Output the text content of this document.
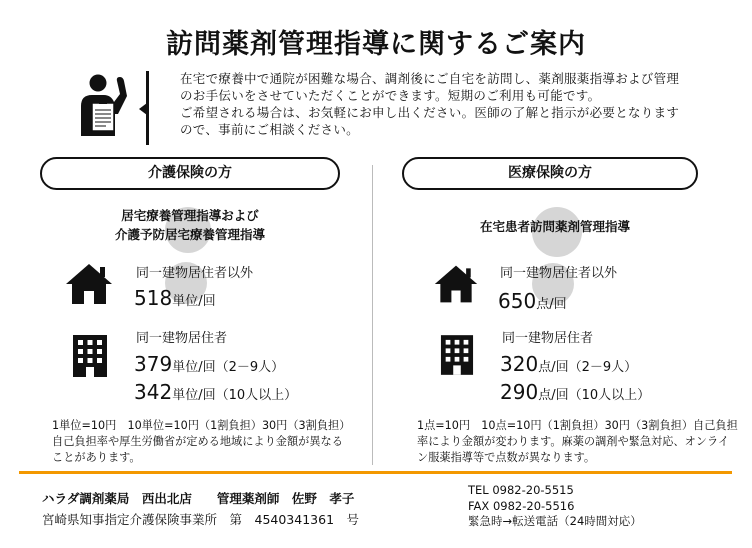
訪問薬剤管理指導に関するご案内

在宅で療養中で通院が困難な場合、調剤後にご自宅を訪問し、薬剤服薬指導および管理のお手伝いをさせていただくことができます。短期のご利用も可能です。

ご希望される場合は、お気軽にお申し出ください。医師の了解と指示が必要となりますので、事前にご相談ください。

介護保険の方	医療保険の方
居宅療養管理指導および
介護予防居宅療養管理指導
同一建物居住者以外
518単位/回
同一建物居住者
379単位/回（2－9人）
342単位/回（10人以上）
1単位=10円　10単位=10円（1割負担）30円（3割負担）自己負担率や厚生労働省が定める地域により金額が異なることがあります。
在宅患者訪問薬剤管理指導
同一建物居住者以外
650点/回
同一建物居住者
320点/回（2－9人）
290点/回（10人以上）
1点=10円　10点=10円（1割負担）30円（3割負担）自己負担率により金額が変わります。麻薬の調剤や緊急対応、オンライン服薬指導等で点数が異なります。
ハラダ調剤薬局　西出北店　　管理薬剤師　佐野　孝子
宮崎県知事指定介護保険事業所　第　4540341361　号
TEL 0982-20-5515
FAX 0982-20-5516
緊急時→転送電話（24時間対応）
